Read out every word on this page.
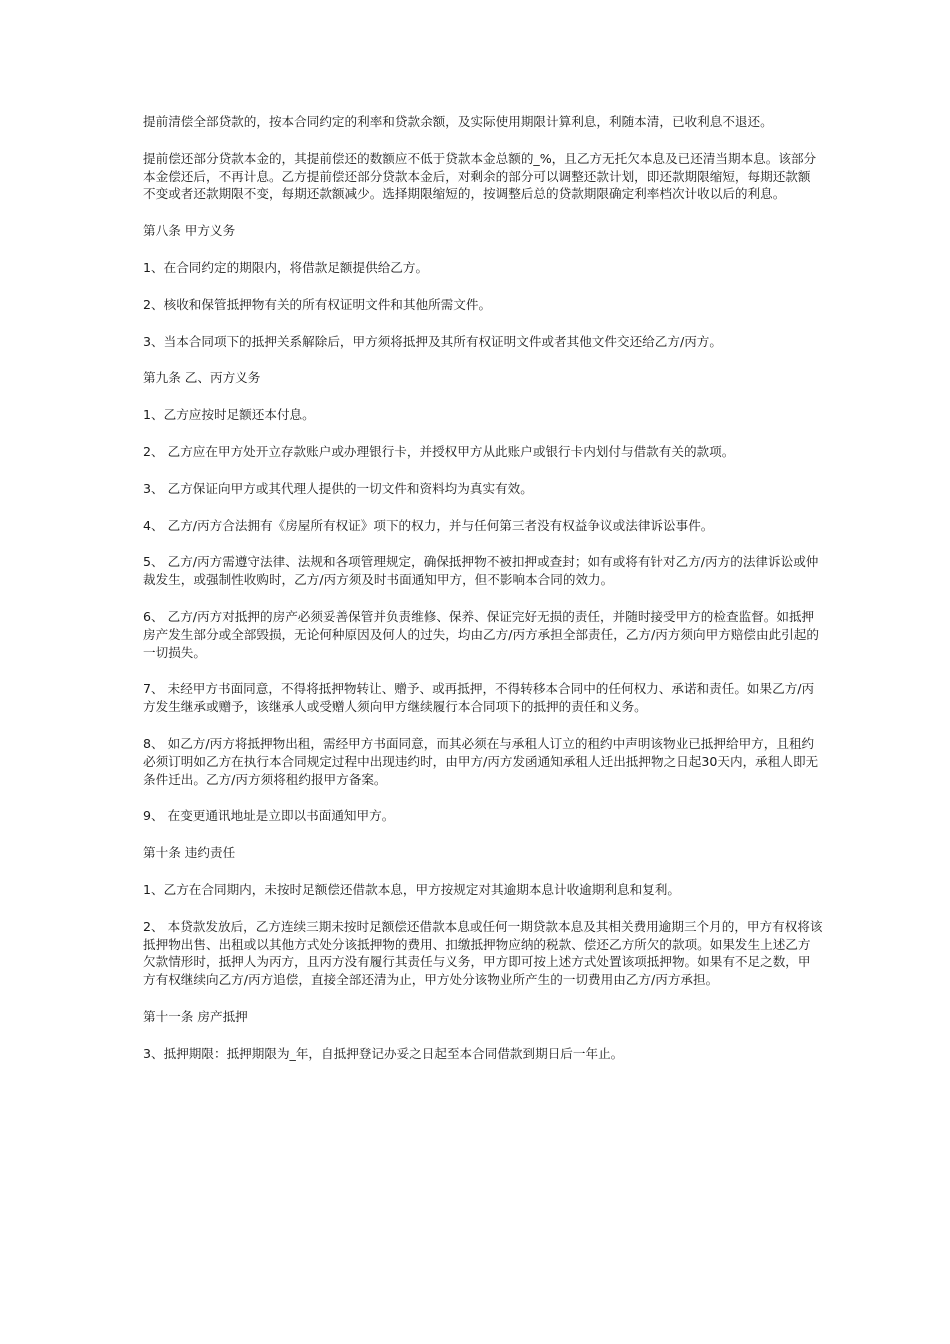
提前清偿全部贷款的，按本合同约定的利率和贷款余额，及实际使用期限计算利息，利随本清，已收利息不退还。

提前偿还部分贷款本金的，其提前偿还的数额应不低于贷款本金总额的_%，且乙方无托欠本息及已还清当期本息。该部分本金偿还后，不再计息。乙方提前偿还部分贷款本金后，对剩余的部分可以调整还款计划，即还款期限缩短，每期还款额不变或者还款期限不变，每期还款额减少。选择期限缩短的，按调整后总的贷款期限确定利率档次计收以后的利息。

第八条 甲方义务

1、在合同约定的期限内，将借款足额提供给乙方。

2、核收和保管抵押物有关的所有权证明文件和其他所需文件。

3、当本合同项下的抵押关系解除后，甲方须将抵押及其所有权证明文件或者其他文件交还给乙方/丙方。

第九条 乙、丙方义务

1、乙方应按时足额还本付息。

2、 乙方应在甲方处开立存款账户或办理银行卡，并授权甲方从此账户或银行卡内划付与借款有关的款项。

3、 乙方保证向甲方或其代理人提供的一切文件和资料均为真实有效。

4、 乙方/丙方合法拥有《房屋所有权证》项下的权力，并与任何第三者没有权益争议或法律诉讼事件。

5、 乙方/丙方需遵守法律、法规和各项管理规定，确保抵押物不被扣押或查封；如有或将有针对乙方/丙方的法律诉讼或仲裁发生，或强制性收购时，乙方/丙方须及时书面通知甲方，但不影响本合同的效力。

6、 乙方/丙方对抵押的房产必须妥善保管并负责维修、保养、保证完好无损的责任，并随时接受甲方的检查监督。如抵押房产发生部分或全部毁损，无论何种原因及何人的过失，均由乙方/丙方承担全部责任，乙方/丙方须向甲方赔偿由此引起的一切损失。

7、 未经甲方书面同意，不得将抵押物转让、赠予、或再抵押，不得转移本合同中的任何权力、承诺和责任。如果乙方/丙方发生继承或赠予，该继承人或受赠人须向甲方继续履行本合同项下的抵押的责任和义务。

8、 如乙方/丙方将抵押物出租，需经甲方书面同意，而其必须在与承租人订立的租约中声明该物业已抵押给甲方，且租约必须订明如乙方在执行本合同规定过程中出现违约时，由甲方/丙方发函通知承租人迁出抵押物之日起30天内，承租人即无条件迁出。乙方/丙方须将租约报甲方备案。

9、 在变更通讯地址是立即以书面通知甲方。

第十条 违约责任

1、乙方在合同期内，未按时足额偿还借款本息，甲方按规定对其逾期本息计收逾期利息和复利。

2、 本贷款发放后，乙方连续三期未按时足额偿还借款本息或任何一期贷款本息及其相关费用逾期三个月的，甲方有权将该抵押物出售、出租或以其他方式处分该抵押物的费用、扣缴抵押物应纳的税款、偿还乙方所欠的款项。如果发生上述乙方欠款情形时，抵押人为丙方，且丙方没有履行其责任与义务，甲方即可按上述方式处置该项抵押物。如果有不足之数，甲方有权继续向乙方/丙方追偿，直接全部还清为止，甲方处分该物业所产生的一切费用由乙方/丙方承担。

第十一条 房产抵押

3、抵押期限：抵押期限为_年，自抵押登记办妥之日起至本合同借款到期日后一年止。
